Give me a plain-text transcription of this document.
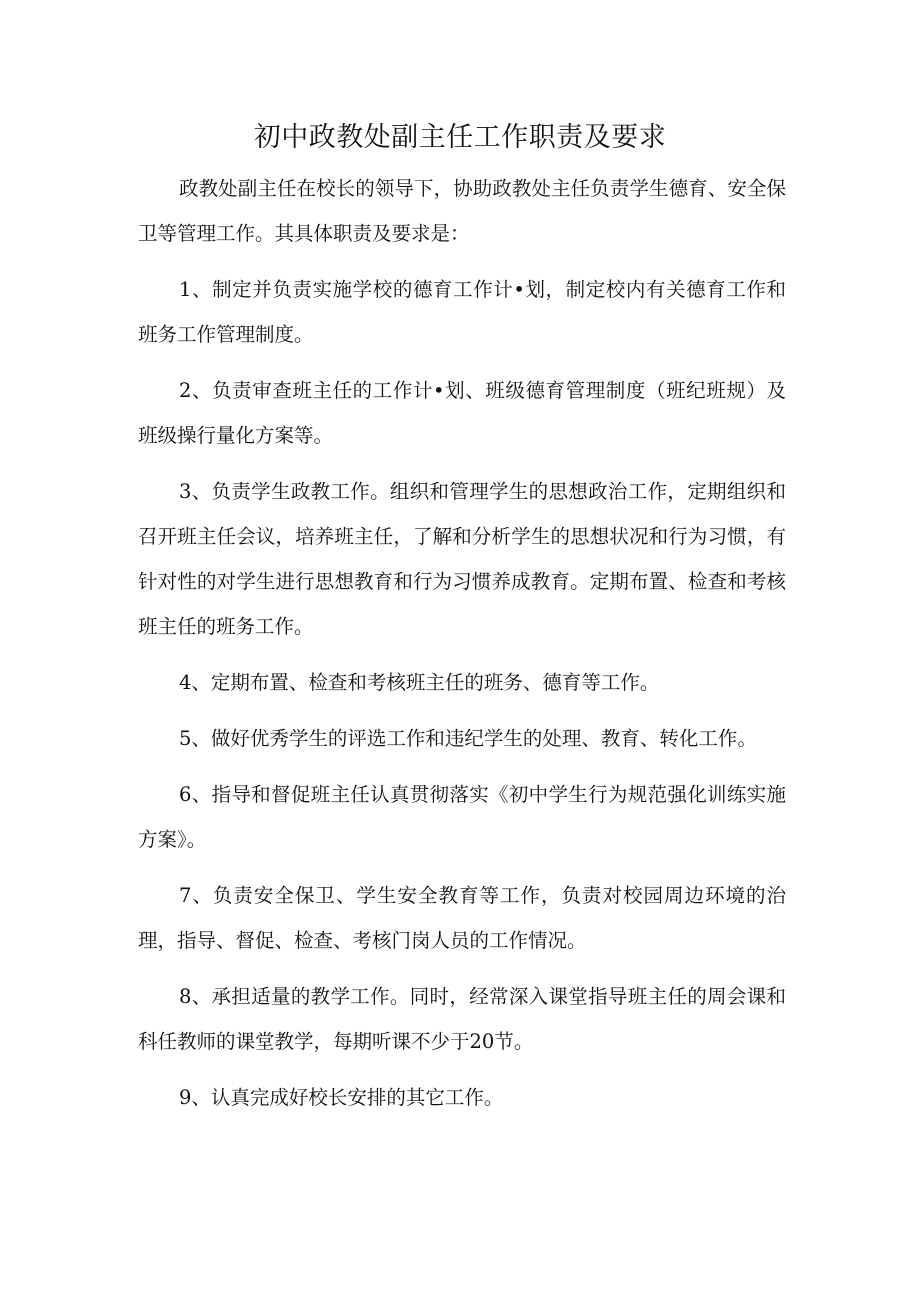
初中政教处副主任工作职责及要求

政教处副主任在校长的领导下，协助政教处主任负责学生德育、安全保卫等管理工作。其具体职责及要求是：

1、制定并负责实施学校的德育工作计•划，制定校内有关德育工作和班务工作管理制度。

2、负责审查班主任的工作计•划、班级德育管理制度（班纪班规）及班级操行量化方案等。

3、负责学生政教工作。组织和管理学生的思想政治工作，定期组织和召开班主任会议，培养班主任，了解和分析学生的思想状况和行为习惯，有针对性的对学生进行思想教育和行为习惯养成教育。定期布置、检查和考核班主任的班务工作。

4、定期布置、检查和考核班主任的班务、德育等工作。

5、做好优秀学生的评选工作和违纪学生的处理、教育、转化工作。

6、指导和督促班主任认真贯彻落实《初中学生行为规范强化训练实施方案》。

7、负责安全保卫、学生安全教育等工作，负责对校园周边环境的治理，指导、督促、检查、考核门岗人员的工作情况。

8、承担适量的教学工作。同时，经常深入课堂指导班主任的周会课和科任教师的课堂教学，每期听课不少于20节。

9、认真完成好校长安排的其它工作。
